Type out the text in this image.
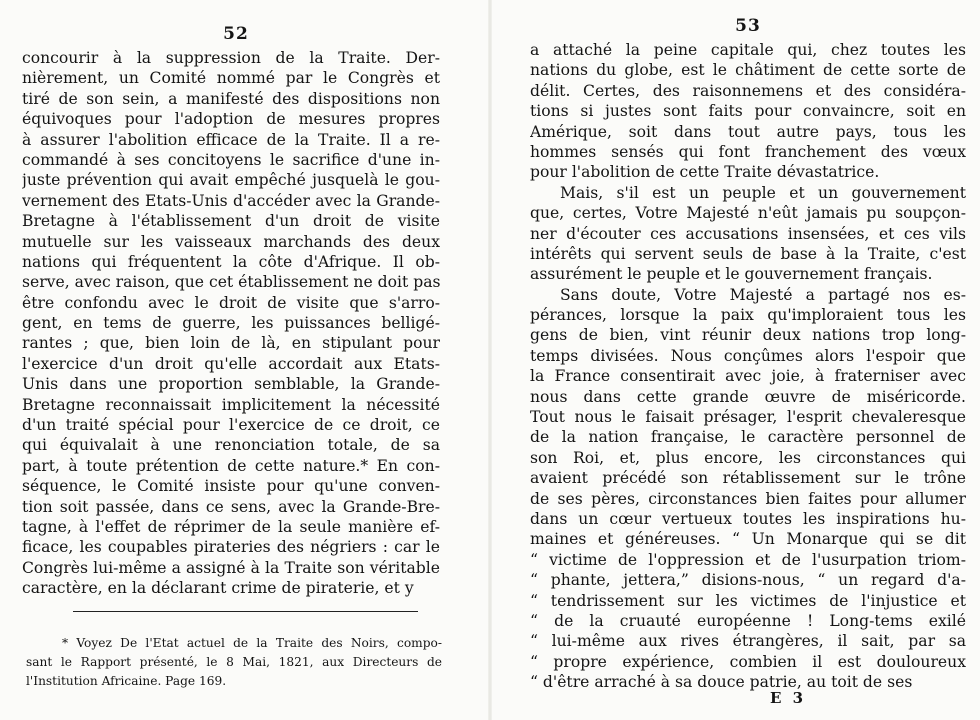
52
concourir à la suppression de la Traite. Der-
nièrement, un Comité nommé par le Congrès et
tiré de son sein, a manifesté des dispositions non
équivoques pour l'adoption de mesures propres
à assurer l'abolition efficace de la Traite. Il a re-
commandé à ses concitoyens le sacrifice d'une in-
juste prévention qui avait empêché jusquelà le gou-
vernement des Etats-Unis d'accéder avec la Grande-
Bretagne à l'établissement d'un droit de visite
mutuelle sur les vaisseaux marchands des deux
nations qui fréquentent la côte d'Afrique. Il ob-
serve, avec raison, que cet établissement ne doit pas
être confondu avec le droit de visite que s'arro-
gent, en tems de guerre, les puissances belligé-
rantes ; que, bien loin de là, en stipulant pour
l'exercice d'un droit qu'elle accordait aux Etats-
Unis dans une proportion semblable, la Grande-
Bretagne reconnaissait implicitement la nécessité
d'un traité spécial pour l'exercice de ce droit, ce
qui équivalait à une renonciation totale, de sa
part, à toute prétention de cette nature.* En con-
séquence, le Comité insiste pour qu'une conven-
tion soit passée, dans ce sens, avec la Grande-Bre-
tagne, à l'effet de réprimer de la seule manière ef-
ficace, les coupables pirateries des négriers : car le
Congrès lui-même a assigné à la Traite son véritable
caractère, en la déclarant crime de piraterie, et y
* Voyez De l'Etat actuel de la Traite des Noirs, compo-
sant le Rapport présenté, le 8 Mai, 1821, aux Directeurs de
l'Institution Africaine. Page 169.
53
a attaché la peine capitale qui, chez toutes les
nations du globe, est le châtiment de cette sorte de
délit. Certes, des raisonnemens et des considéra-
tions si justes sont faits pour convaincre, soit en
Amérique, soit dans tout autre pays, tous les
hommes sensés qui font franchement des vœux
pour l'abolition de cette Traite dévastatrice.
Mais, s'il est un peuple et un gouvernement
que, certes, Votre Majesté n'eût jamais pu soupçon-
ner d'écouter ces accusations insensées, et ces vils
intérêts qui servent seuls de base à la Traite, c'est
assurément le peuple et le gouvernement français.
Sans doute, Votre Majesté a partagé nos es-
pérances, lorsque la paix qu'imploraient tous les
gens de bien, vint réunir deux nations trop long-
temps divisées. Nous conçûmes alors l'espoir que
la France consentirait avec joie, à fraterniser avec
nous dans cette grande œuvre de miséricorde.
Tout nous le faisait présager, l'esprit chevaleresque
de la nation française, le caractère personnel de
son Roi, et, plus encore, les circonstances qui
avaient précédé son rétablissement sur le trône
de ses pères, circonstances bien faites pour allumer
dans un cœur vertueux toutes les inspirations hu-
maines et généreuses. “ Un Monarque qui se dit
“ victime de l'oppression et de l'usurpation triom-
“ phante, jettera,” disions-nous, “ un regard d'a-
“ tendrissement sur les victimes de l'injustice et
“ de la cruauté européenne ! Long-tems exilé
“ lui-même aux rives étrangères, il sait, par sa
“ propre expérience, combien il est douloureux
“ d'être arraché à sa douce patrie, au toit de ses
E 3
